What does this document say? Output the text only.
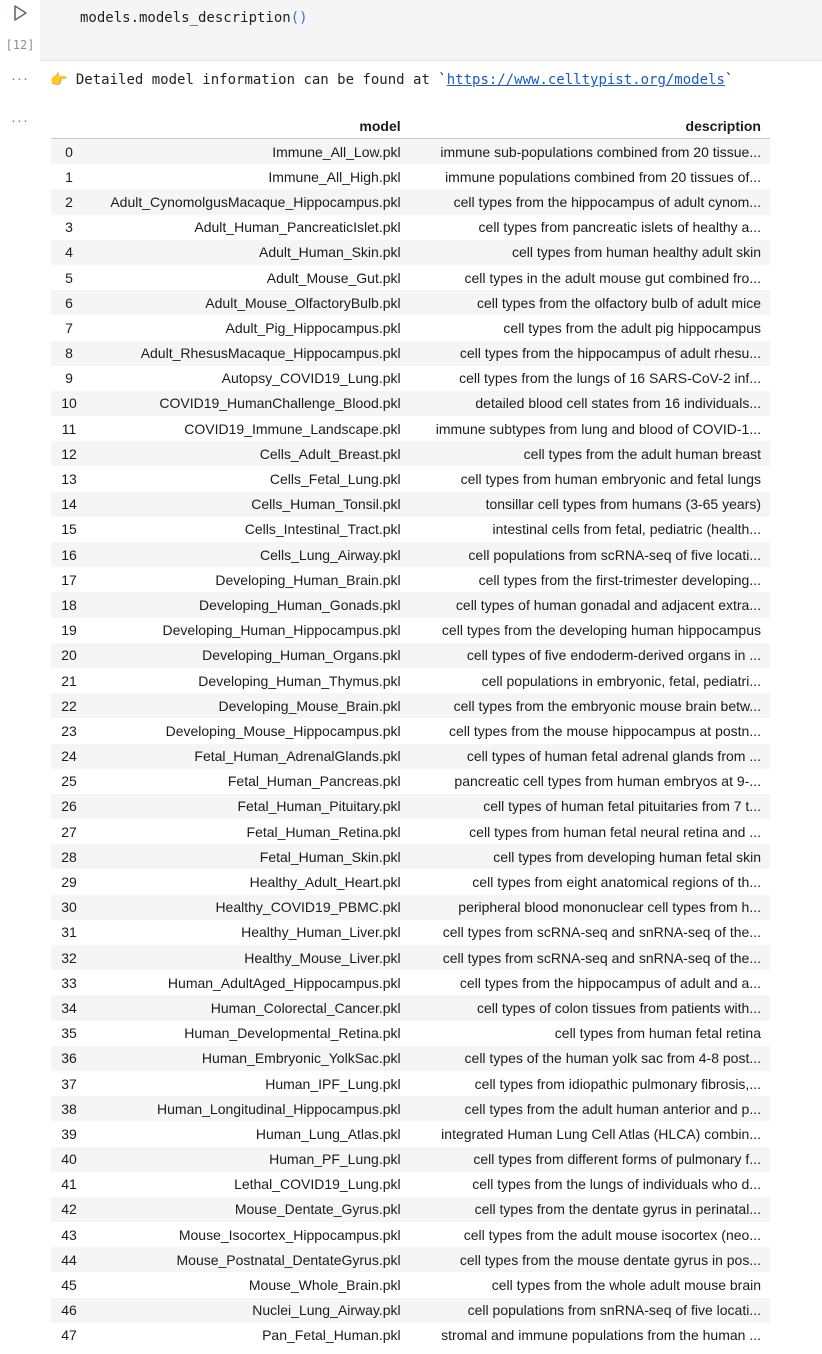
[12]
···
···
models.models_description()
👉 Detailed model information can be found at `https://www.celltypist.org/models`
	model	description
0	Immune_All_Low.pkl	immune sub-populations combined from 20 tissue...
1	Immune_All_High.pkl	immune populations combined from 20 tissues of...
2	Adult_CynomolgusMacaque_Hippocampus.pkl	cell types from the hippocampus of adult cynom...
3	Adult_Human_PancreaticIslet.pkl	cell types from pancreatic islets of healthy a...
4	Adult_Human_Skin.pkl	cell types from human healthy adult skin
5	Adult_Mouse_Gut.pkl	cell types in the adult mouse gut combined fro...
6	Adult_Mouse_OlfactoryBulb.pkl	cell types from the olfactory bulb of adult mice
7	Adult_Pig_Hippocampus.pkl	cell types from the adult pig hippocampus
8	Adult_RhesusMacaque_Hippocampus.pkl	cell types from the hippocampus of adult rhesu...
9	Autopsy_COVID19_Lung.pkl	cell types from the lungs of 16 SARS-CoV-2 inf...
10	COVID19_HumanChallenge_Blood.pkl	detailed blood cell states from 16 individuals...
11	COVID19_Immune_Landscape.pkl	immune subtypes from lung and blood of COVID-1...
12	Cells_Adult_Breast.pkl	cell types from the adult human breast
13	Cells_Fetal_Lung.pkl	cell types from human embryonic and fetal lungs
14	Cells_Human_Tonsil.pkl	tonsillar cell types from humans (3-65 years)
15	Cells_Intestinal_Tract.pkl	intestinal cells from fetal, pediatric (health...
16	Cells_Lung_Airway.pkl	cell populations from scRNA-seq of five locati...
17	Developing_Human_Brain.pkl	cell types from the first-trimester developing...
18	Developing_Human_Gonads.pkl	cell types of human gonadal and adjacent extra...
19	Developing_Human_Hippocampus.pkl	cell types from the developing human hippocampus
20	Developing_Human_Organs.pkl	cell types of five endoderm-derived organs in ...
21	Developing_Human_Thymus.pkl	cell populations in embryonic, fetal, pediatri...
22	Developing_Mouse_Brain.pkl	cell types from the embryonic mouse brain betw...
23	Developing_Mouse_Hippocampus.pkl	cell types from the mouse hippocampus at postn...
24	Fetal_Human_AdrenalGlands.pkl	cell types of human fetal adrenal glands from ...
25	Fetal_Human_Pancreas.pkl	pancreatic cell types from human embryos at 9-...
26	Fetal_Human_Pituitary.pkl	cell types of human fetal pituitaries from 7 t...
27	Fetal_Human_Retina.pkl	cell types from human fetal neural retina and ...
28	Fetal_Human_Skin.pkl	cell types from developing human fetal skin
29	Healthy_Adult_Heart.pkl	cell types from eight anatomical regions of th...
30	Healthy_COVID19_PBMC.pkl	peripheral blood mononuclear cell types from h...
31	Healthy_Human_Liver.pkl	cell types from scRNA-seq and snRNA-seq of the...
32	Healthy_Mouse_Liver.pkl	cell types from scRNA-seq and snRNA-seq of the...
33	Human_AdultAged_Hippocampus.pkl	cell types from the hippocampus of adult and a...
34	Human_Colorectal_Cancer.pkl	cell types of colon tissues from patients with...
35	Human_Developmental_Retina.pkl	cell types from human fetal retina
36	Human_Embryonic_YolkSac.pkl	cell types of the human yolk sac from 4-8 post...
37	Human_IPF_Lung.pkl	cell types from idiopathic pulmonary fibrosis,...
38	Human_Longitudinal_Hippocampus.pkl	cell types from the adult human anterior and p...
39	Human_Lung_Atlas.pkl	integrated Human Lung Cell Atlas (HLCA) combin...
40	Human_PF_Lung.pkl	cell types from different forms of pulmonary f...
41	Lethal_COVID19_Lung.pkl	cell types from the lungs of individuals who d...
42	Mouse_Dentate_Gyrus.pkl	cell types from the dentate gyrus in perinatal...
43	Mouse_Isocortex_Hippocampus.pkl	cell types from the adult mouse isocortex (neo...
44	Mouse_Postnatal_DentateGyrus.pkl	cell types from the mouse dentate gyrus in pos...
45	Mouse_Whole_Brain.pkl	cell types from the whole adult mouse brain
46	Nuclei_Lung_Airway.pkl	cell populations from snRNA-seq of five locati...
47	Pan_Fetal_Human.pkl	stromal and immune populations from the human ...
